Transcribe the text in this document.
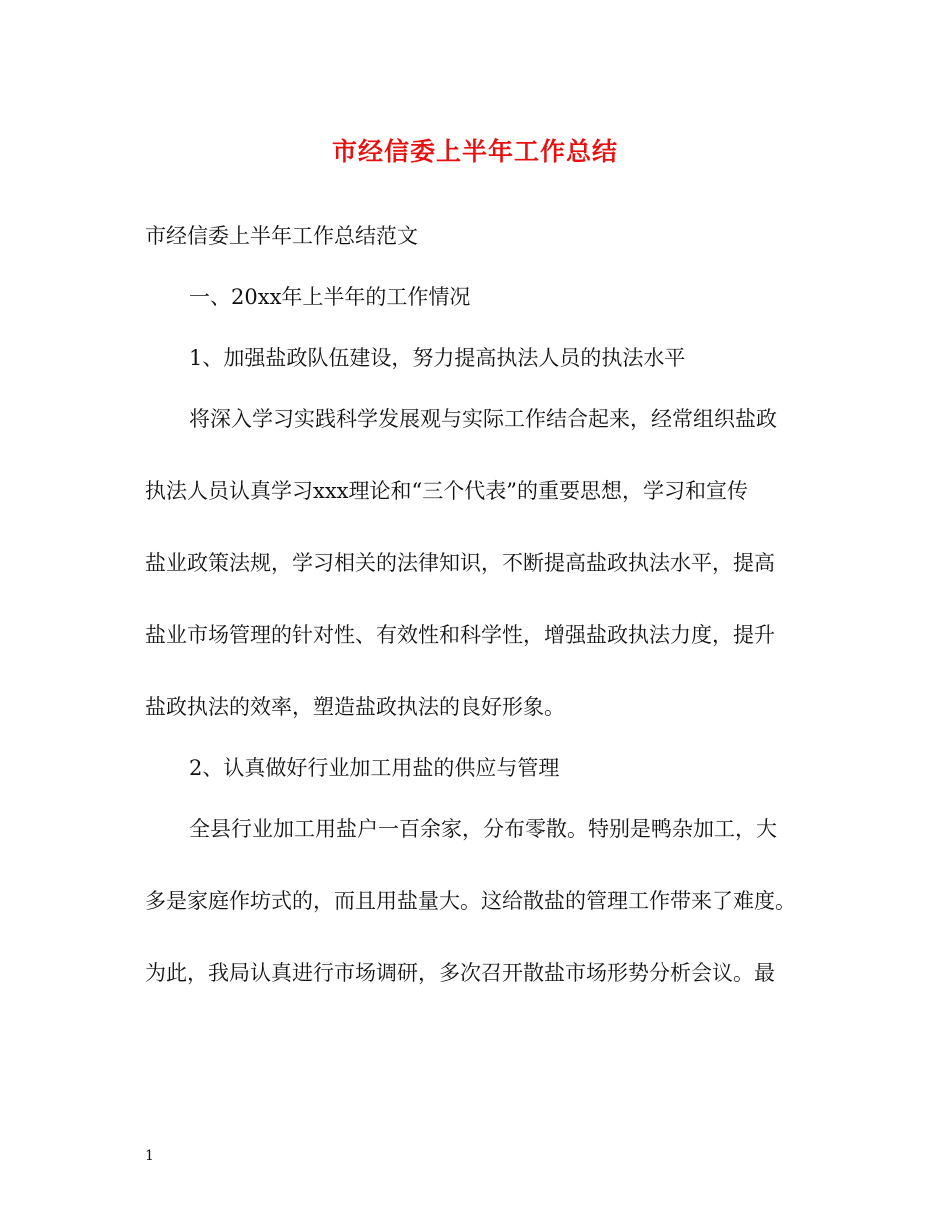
市经信委上半年工作总结
市经信委上半年工作总结范文
一、20xx年上半年的工作情况
1、加强盐政队伍建设，努力提高执法人员的执法水平
将深入学习实践科学发展观与实际工作结合起来，经常组织盐政
执法人员认真学习xxx理论和“三个代表”的重要思想，学习和宣传
盐业政策法规，学习相关的法律知识，不断提高盐政执法水平，提高
盐业市场管理的针对性、有效性和科学性，增强盐政执法力度，提升
盐政执法的效率，塑造盐政执法的良好形象。
2、认真做好行业加工用盐的供应与管理
全县行业加工用盐户一百余家，分布零散。特别是鸭杂加工，大
多是家庭作坊式的，而且用盐量大。这给散盐的管理工作带来了难度。
为此，我局认真进行市场调研，多次召开散盐市场形势分析会议。最
1
